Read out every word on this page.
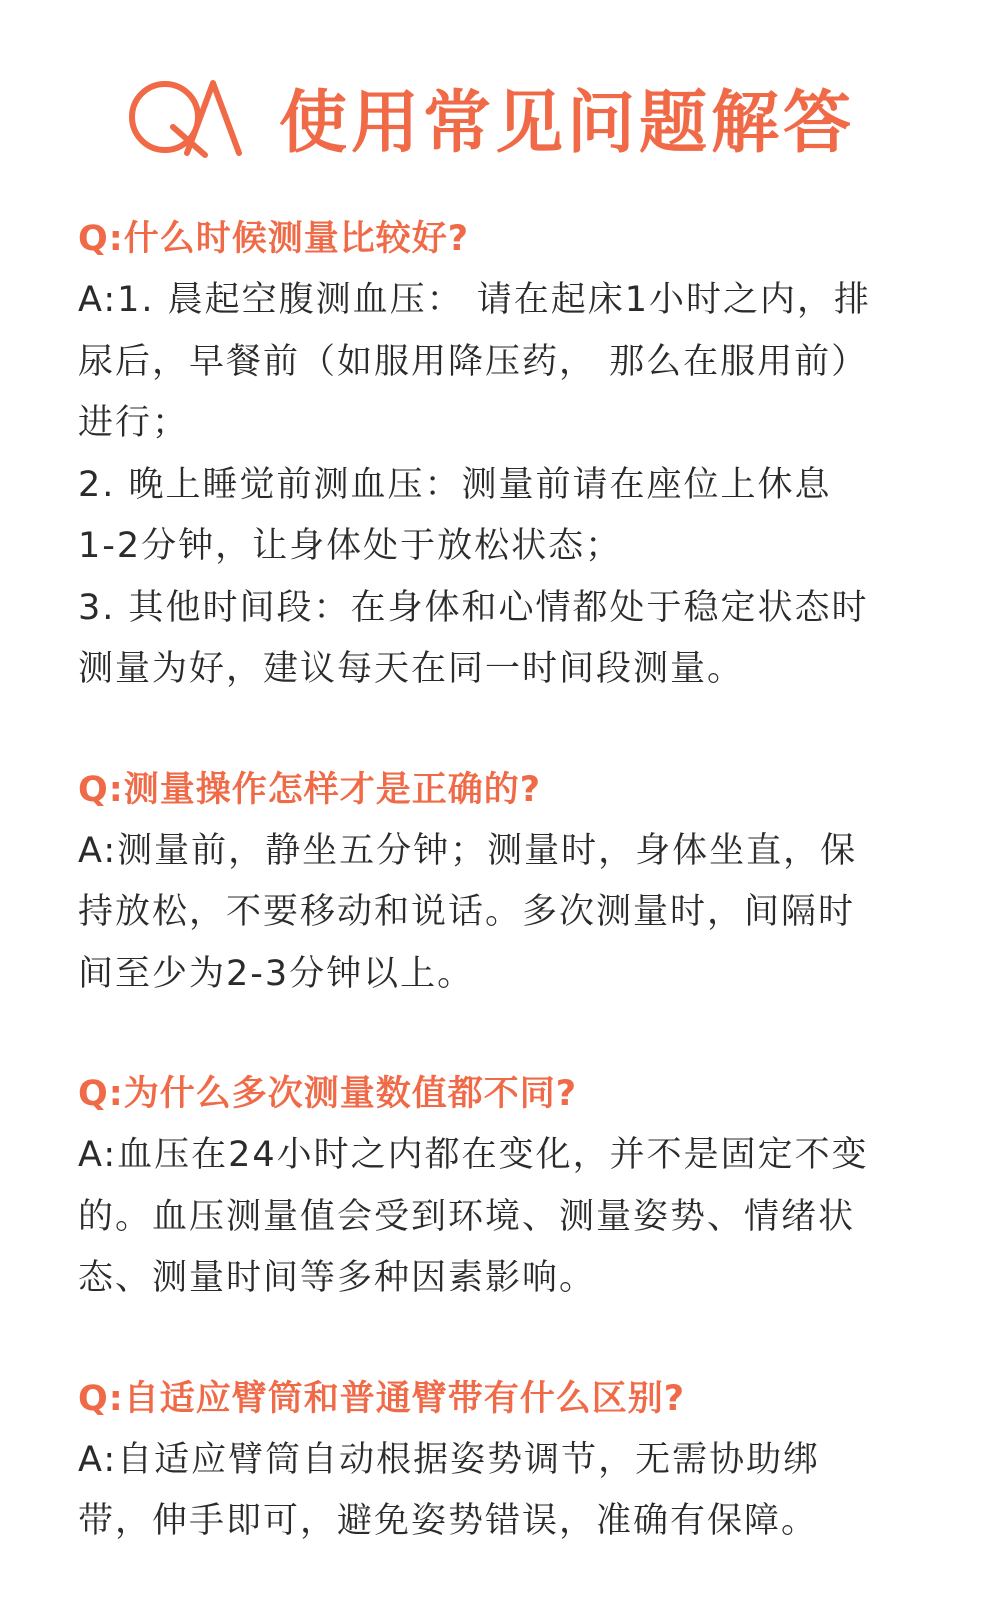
使用常见问题解答
Q:什么时候测量比较好?
A:1. 晨起空腹测血压： 请在起床1小时之内，排
尿后，早餐前（如服用降压药， 那么在服用前）
进行；
2. 晚上睡觉前测血压：测量前请在座位上休息
1-2分钟，让身体处于放松状态；
3. 其他时间段：在身体和心情都处于稳定状态时
测量为好，建议每天在同一时间段测量。
Q:测量操作怎样才是正确的?
A:测量前，静坐五分钟；测量时，身体坐直，保
持放松，不要移动和说话。多次测量时，间隔时
间至少为2-3分钟以上。
Q:为什么多次测量数值都不同?
A:血压在24小时之内都在变化，并不是固定不变
的。血压测量值会受到环境、测量姿势、情绪状
态、测量时间等多种因素影响。
Q:自适应臂筒和普通臂带有什么区别?
A:自适应臂筒自动根据姿势调节，无需协助绑
带，伸手即可，避免姿势错误，准确有保障。
